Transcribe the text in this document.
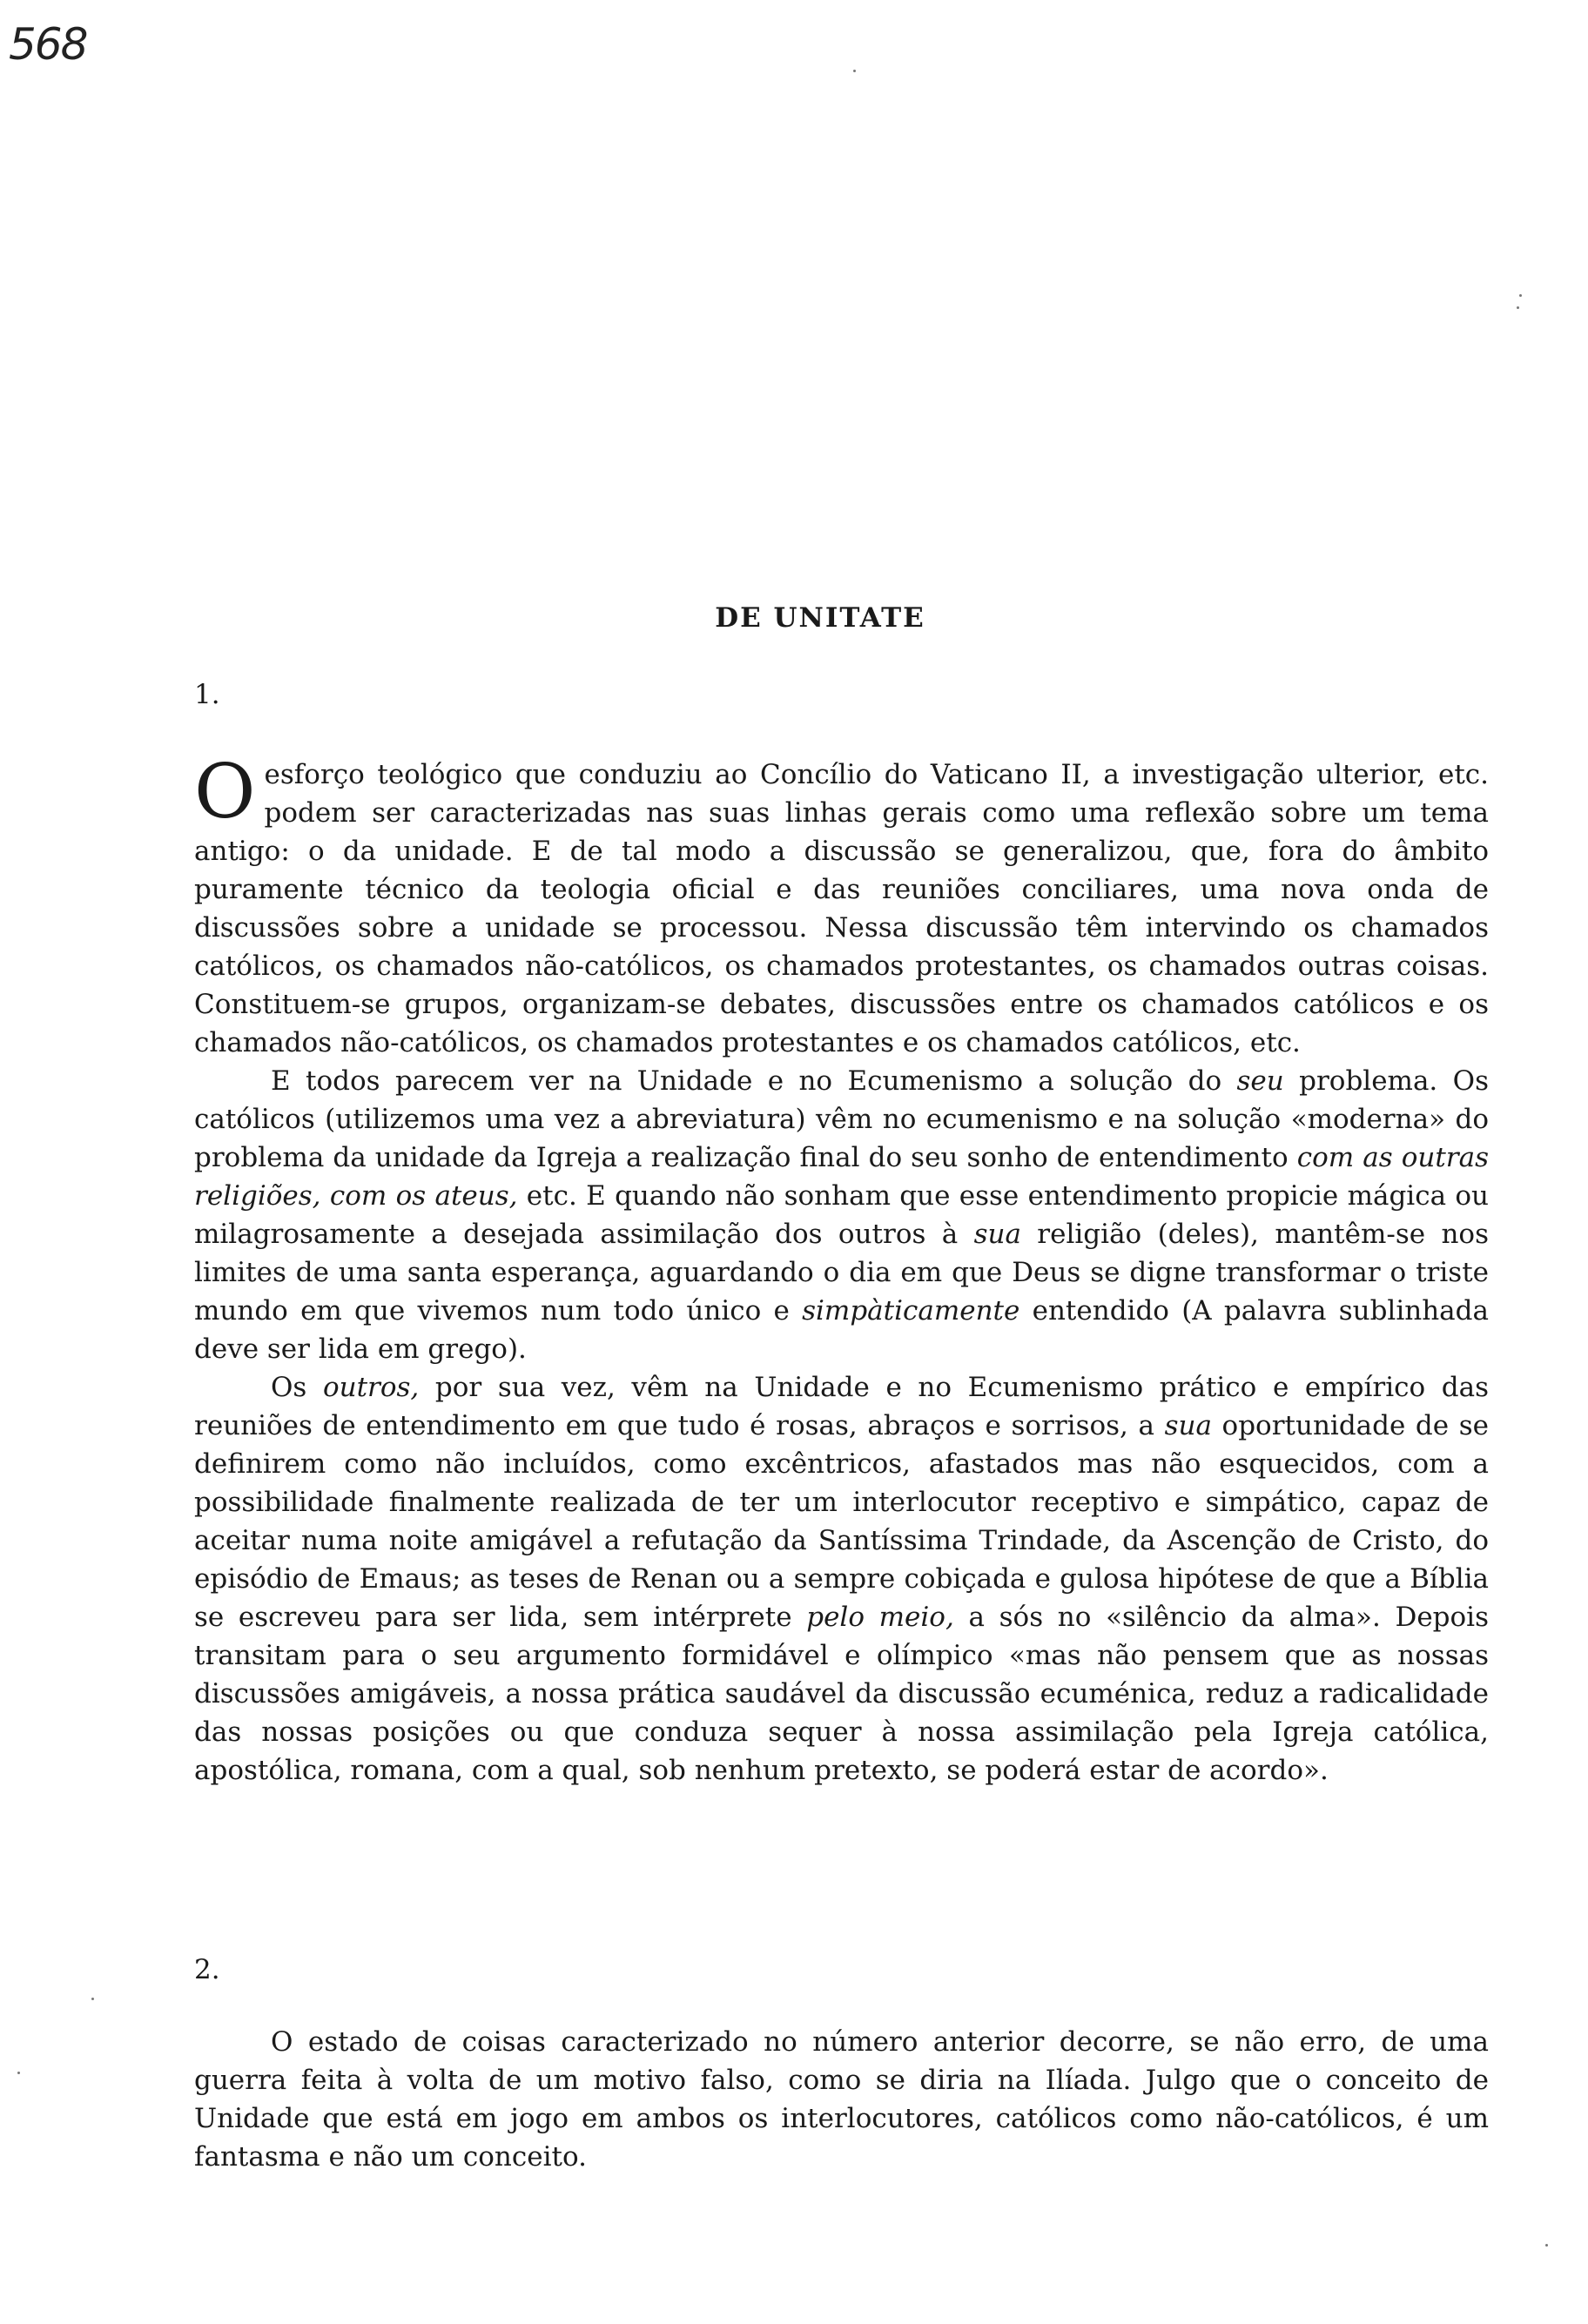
568
DE UNITATE
1.

Oesforço teológico que conduziu ao Concílio do Vaticano II, a investigação ulterior, etc. podem ser caracterizadas nas suas linhas gerais como uma reflexão sobre um tema antigo: o da unidade. E de tal modo a discussão se generalizou, que, fora do âmbito puramente técnico da teologia oficial e das reuniões conciliares, uma nova onda de discussões sobre a unidade se processou. Nessa discussão têm intervindo os chamados católicos, os chamados não-católicos, os chamados protestantes, os chamados outras coisas. Constituem-se grupos, organizam-se debates, discussões entre os chamados católicos e os chamados não-católicos, os chamados protestantes e os chamados católicos, etc.

E todos parecem ver na Unidade e no Ecumenismo a solução do seu problema. Os católicos (utilizemos uma vez a abreviatura) vêm no ecumenismo e na solução «moderna» do problema da unidade da Igreja a realização final do seu sonho de entendimento com as outras religiões, com os ateus, etc. E quando não sonham que esse entendimento propicie mágica ou milagrosamente a desejada assimilação dos outros à sua religião (deles), mantêm-se nos limites de uma santa esperança, aguardando o dia em que Deus se digne transformar o triste mundo em que vivemos num todo único e simpàticamente entendido (A palavra sublinhada deve ser lida em grego).

Os outros, por sua vez, vêm na Unidade e no Ecumenismo prático e empírico das reuniões de entendimento em que tudo é rosas, abraços e sorrisos, a sua oportunidade de se definirem como não incluídos, como excêntricos, afastados mas não esquecidos, com a possibilidade finalmente realizada de ter um interlocutor receptivo e simpático, capaz de aceitar numa noite amigável a refutação da Santíssima Trindade, da Ascenção de Cristo, do episódio de Emaus; as teses de Renan ou a sempre cobiçada e gulosa hipótese de que a Bíblia se escreveu para ser lida, sem intérprete pelo meio, a sós no «silêncio da alma». Depois transitam para o seu argumento formidável e olímpico «mas não pensem que as nossas discussões amigáveis, a nossa prática saudável da discussão ecuménica, reduz a radicalidade das nossas posições ou que conduza sequer à nossa assimilação pela Igreja católica, apostólica, romana, com a qual, sob nenhum pretexto, se poderá estar de acordo».

2.

O estado de coisas caracterizado no número anterior decorre, se não erro, de uma guerra feita à volta de um motivo falso, como se diria na Ilíada. Julgo que o conceito de Unidade que está em jogo em ambos os interlocutores, católicos como não-católicos, é um fantasma e não um conceito.
